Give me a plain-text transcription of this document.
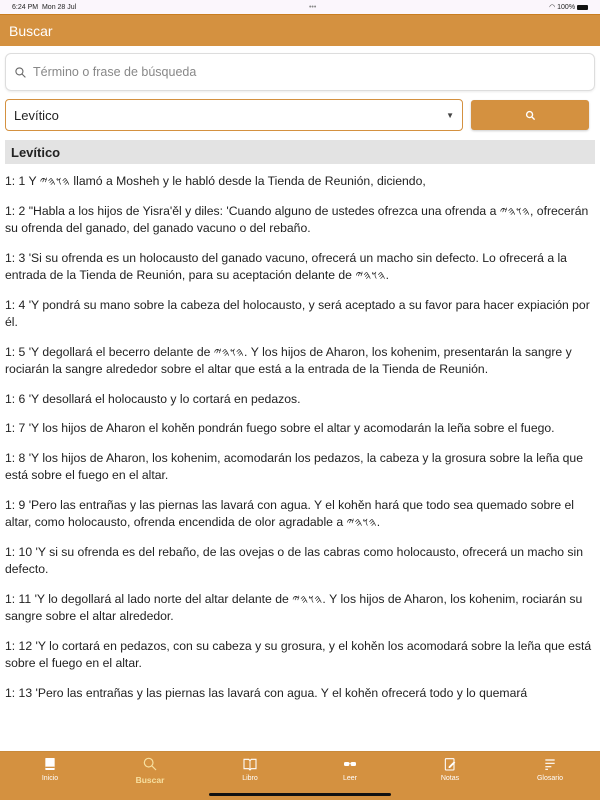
6:24 PM Mon 28 Jul	•••	◠ 100%
Buscar
Término o frase de búsqueda
Levítico	▼
Levítico
1: 1 Y 𐤄𐤅𐤄𐤉 llamó a Mosheh y le habló desde la Tienda de Reunión, diciendo,
1: 2 "Habla a los hijos de Yisra'ěl y diles: 'Cuando alguno de ustedes ofrezca una ofrenda a 𐤄𐤅𐤄𐤉, ofrecerán su ofrenda del ganado, del ganado vacuno o del rebaño.
1: 3 'Si su ofrenda es un holocausto del ganado vacuno, ofrecerá un macho sin defecto. Lo ofrecerá a la entrada de la Tienda de Reunión, para su aceptación delante de 𐤄𐤅𐤄𐤉.
1: 4 'Y pondrá su mano sobre la cabeza del holocausto, y será aceptado a su favor para hacer expiación por él.
1: 5 'Y degollará el becerro delante de 𐤄𐤅𐤄𐤉. Y los hijos de Aharon, los kohenim, presentarán la sangre y rociarán la sangre alrededor sobre el altar que está a la entrada de la Tienda de Reunión.
1: 6 'Y desollará el holocausto y lo cortará en pedazos.
1: 7 'Y los hijos de Aharon el kohěn pondrán fuego sobre el altar y acomodarán la leña sobre el fuego.
1: 8 'Y los hijos de Aharon, los kohenim, acomodarán los pedazos, la cabeza y la grosura sobre la leña que está sobre el fuego en el altar.
1: 9 'Pero las entrañas y las piernas las lavará con agua. Y el kohěn hará que todo sea quemado sobre el altar, como holocausto, ofrenda encendida de olor agradable a 𐤄𐤅𐤄𐤉.
1: 10 'Y si su ofrenda es del rebaño, de las ovejas o de las cabras como holocausto, ofrecerá un macho sin defecto.
1: 11 'Y lo degollará al lado norte del altar delante de 𐤄𐤅𐤄𐤉. Y los hijos de Aharon, los kohenim, rociarán su sangre sobre el altar alrededor.
1: 12 'Y lo cortará en pedazos, con su cabeza y su grosura, y el kohěn los acomodará sobre la leña que está sobre el fuego en el altar.
1: 13 'Pero las entrañas y las piernas las lavará con agua. Y el kohěn ofrecerá todo y lo quemará
Inicio	Buscar	Libro	Leer	Notas	Glosario
